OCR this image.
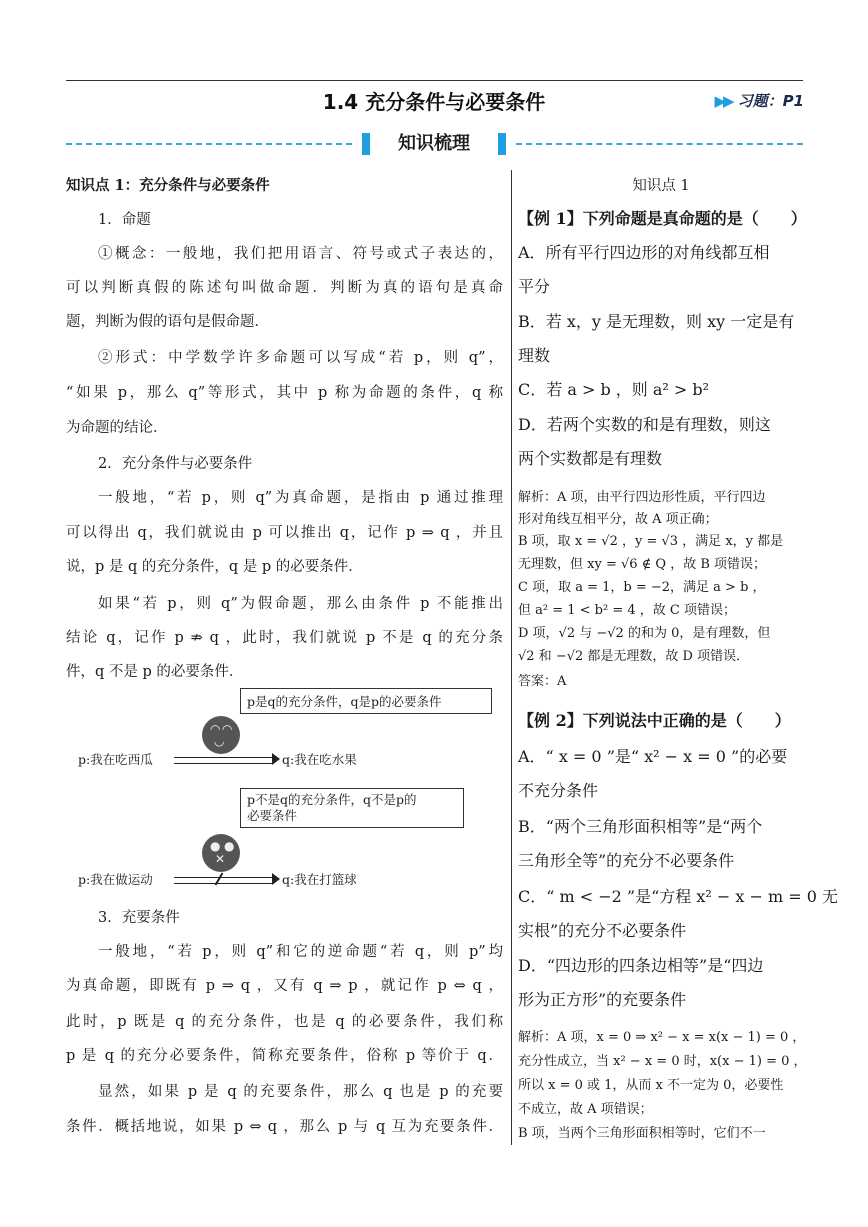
1.4 充分条件与必要条件	▶▶ 习题：P1
知识梳理
知识点 1：充分条件与必要条件
1．命题
①概念：一般地，我们把用语言、符号或式子表达的，
可以判断真假的陈述句叫做命题．判断为真的语句是真命
题，判断为假的语句是假命题．
②形式：中学数学许多命题可以写成“若 p，则 q”，
“如果 p，那么 q”等形式，其中 p 称为命题的条件，q 称
为命题的结论．
2．充分条件与必要条件
一般地，“若 p，则 q”为真命题，是指由 p 通过推理
可以得出 q，我们就说由 p 可以推出 q，记作 p ⇒ q ，并且
说，p 是 q 的充分条件，q 是 p 的必要条件．
如果“若 p，则 q”为假命题，那么由条件 p 不能推出
结论 q，记作 p ⇏ q ，此时，我们就说 p 不是 q 的充分条
件，q 不是 p 的必要条件．
p是q的充分条件，q是p的必要条件
◠ ◠
◡
p:我在吃西瓜	q:我在吃水果
p不是q的充分条件，q不是p的
必要条件
● ●
✕
p:我在做运动	q:我在打篮球
3．充要条件
一般地，“若 p，则 q”和它的逆命题“若 q，则 p”均
为真命题，即既有 p ⇒ q ，又有 q ⇒ p ，就记作 p ⇔ q ，
此时，p 既是 q 的充分条件，也是 q 的必要条件，我们称
p 是 q 的充分必要条件，简称充要条件，俗称 p 等价于 q．
显然，如果 p 是 q 的充要条件，那么 q 也是 p 的充要
条件．概括地说，如果 p ⇔ q ，那么 p 与 q 互为充要条件．
知识点 1
【例 1】下列命题是真命题的是（　　）
A．所有平行四边形的对角线都互相
平分
B．若 x，y 是无理数，则 xy 一定是有
理数
C．若 a > b ，则 a² > b²
D．若两个实数的和是有理数，则这
两个实数都是有理数
解析：A 项，由平行四边形性质，平行四边
形对角线互相平分，故 A 项正确；
B 项，取 x = √2 ，y = √3 ，满足 x，y 都是
无理数，但 xy = √6 ∉ Q ，故 B 项错误；
C 项，取 a = 1，b = −2，满足 a > b ，
但 a² = 1 < b² = 4 ，故 C 项错误；
D 项，√2 与 −√2 的和为 0，是有理数，但
√2 和 −√2 都是无理数，故 D 项错误．
答案：A
【例 2】下列说法中正确的是（　　）
A．“ x = 0 ”是“ x² − x = 0 ”的必要
不充分条件
B．“两个三角形面积相等”是“两个
三角形全等”的充分不必要条件
C．“ m < −2 ”是“方程 x² − x − m = 0 无
实根”的充分不必要条件
D．“四边形的四条边相等”是“四边
形为正方形”的充要条件
解析：A 项，x = 0 ⇒ x² − x = x(x − 1) = 0 ，
充分性成立，当 x² − x = 0 时，x(x − 1) = 0 ，
所以 x = 0 或 1，从而 x 不一定为 0，必要性
不成立，故 A 项错误；
B 项，当两个三角形面积相等时，它们不一
